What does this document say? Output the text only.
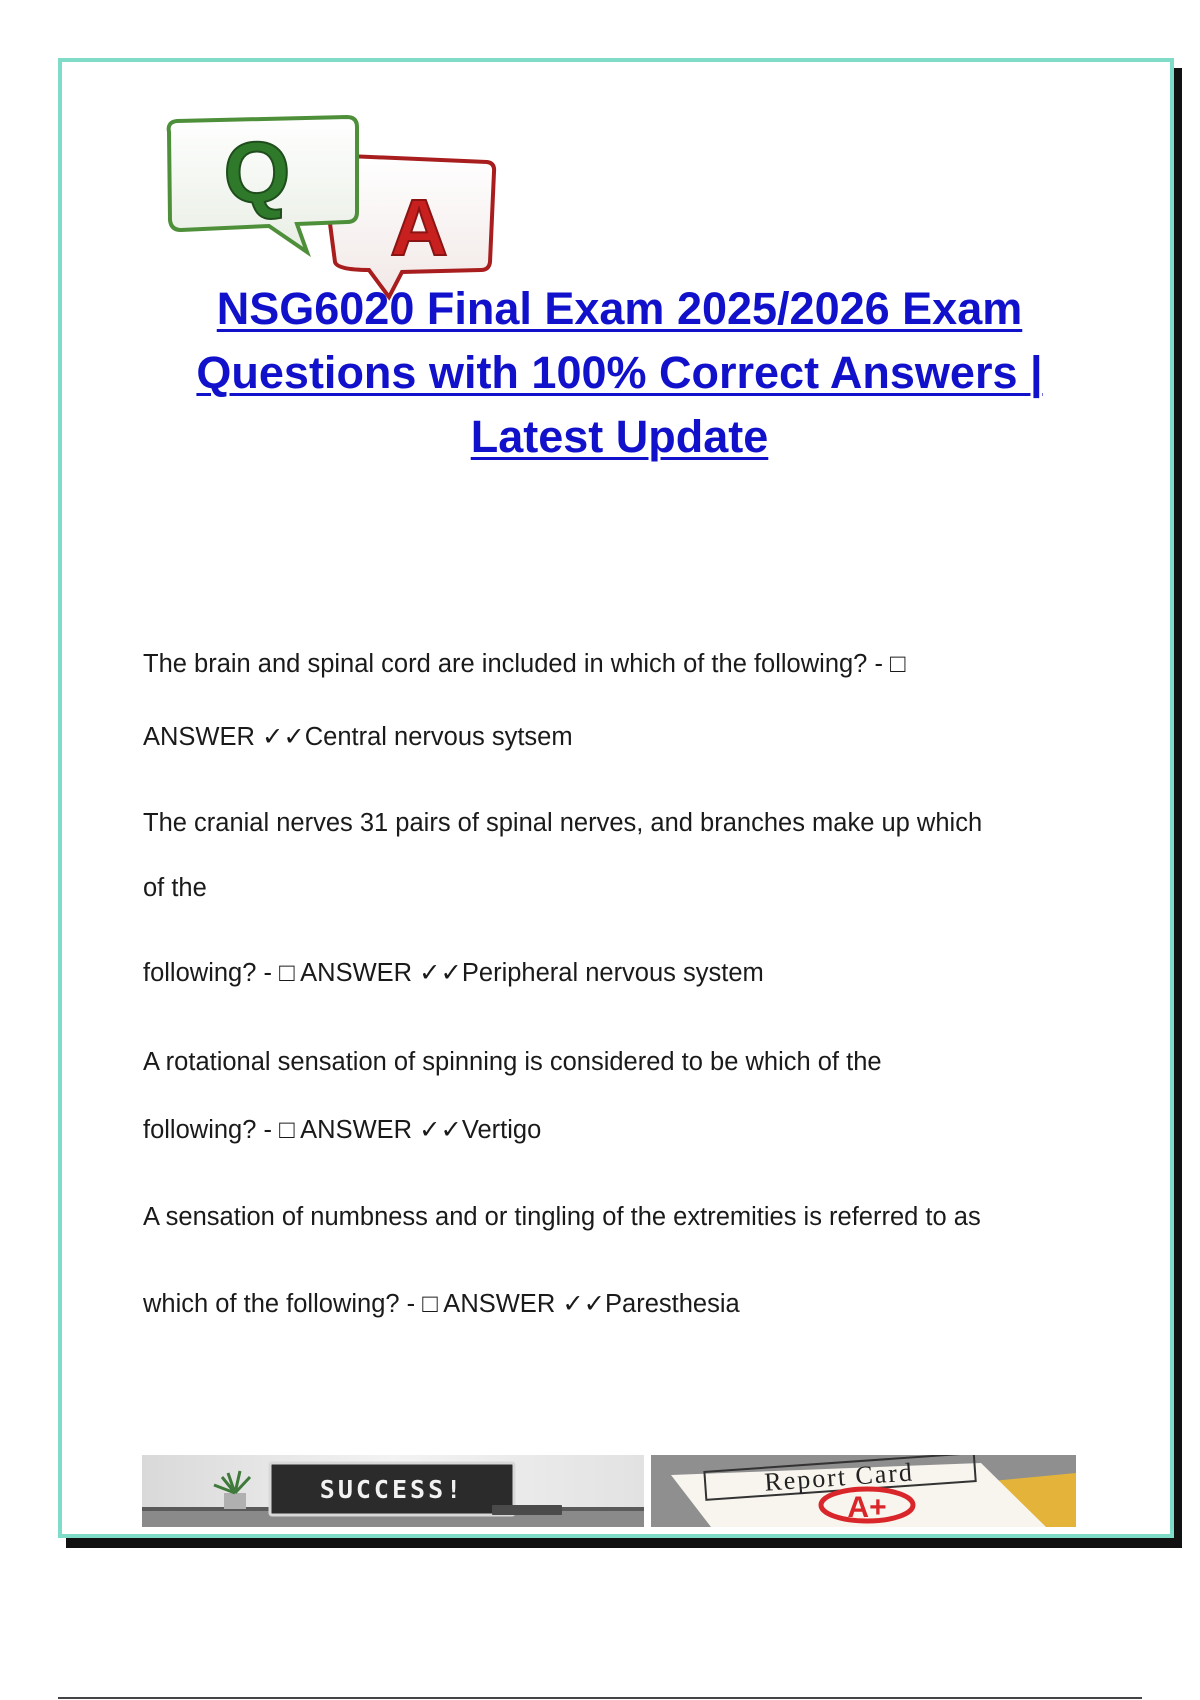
Q
A
NSG6020 Final Exam 2025/2026 Exam
Questions with 100% Correct Answers |
Latest Update

The brain and spinal cord are included in which of the following? - □

ANSWER ✓✓Central nervous sytsem

The cranial nerves 31 pairs of spinal nerves, and branches make up which

of the

following? - □ ANSWER ✓✓Peripheral nervous system

A rotational sensation of spinning is considered to be which of the

following? - □ ANSWER ✓✓Vertigo

A sensation of numbness and or tingling of the extremities is referred to as

which of the following? - □ ANSWER ✓✓Paresthesia

SUCCESS!	Report Card
A+
